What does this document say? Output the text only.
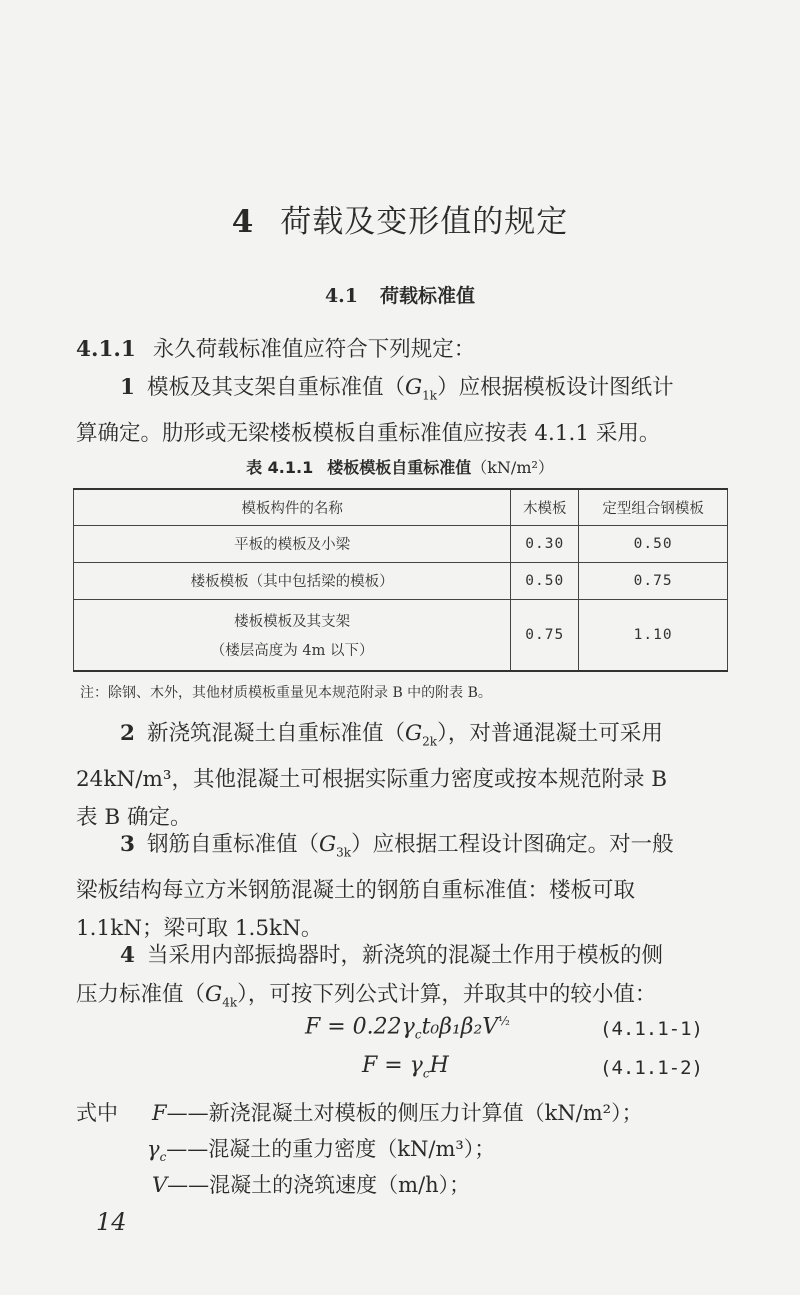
4 荷载及变形值的规定
4.1 荷载标准值
4.1.1 永久荷载标准值应符合下列规定：
1 模板及其支架自重标准值$(G_{1k})$应根据模板设计图纸计
算确定。肋形或无梁楼板模板自重标准值应按表 4.1.1 采用。
表 4.1.1 楼板模板自重标准值（kN/m²）
模板构件的名称	木模板	定型组合钢模板
平板的模板及小梁	0.30	0.50
楼板模板（其中包括梁的模板）	0.50	0.75

楼板模板及其支架
（楼层高度为 4m 以下）	0.75	1.10
注：除钢、木外，其他材质模板重量见本规范附录 B 中的附表 B。
2 新浇筑混凝土自重标准值$(G_{2k})$，对普通混凝土可采用
24kN/m³，其他混凝土可根据实际重力密度或按本规范附录 B
表 B 确定。
3 钢筋自重标准值$(G_{3k})$应根据工程设计图确定。对一般
梁板结构每立方米钢筋混凝土的钢筋自重标准值：楼板可取
1.1kN；梁可取 1.5kN。
4 当采用内部振捣器时，新浇筑的混凝土作用于模板的侧
压力标准值$(G_{4k})$，可按下列公式计算，并取其中的较小值：
$F = 0.22\gamma_ct_0\beta_1\beta_2V^{\frac{1}{2}}$	(4.1.1-1)
$F = \gamma_cH$	(4.1.1-2)
式中 F——新浇混凝土对模板的侧压力计算值（kN/m²）；
$\gamma_c——$混凝土的重力密度（kN/m³）；
V——混凝土的浇筑速度（m/h）；
14
